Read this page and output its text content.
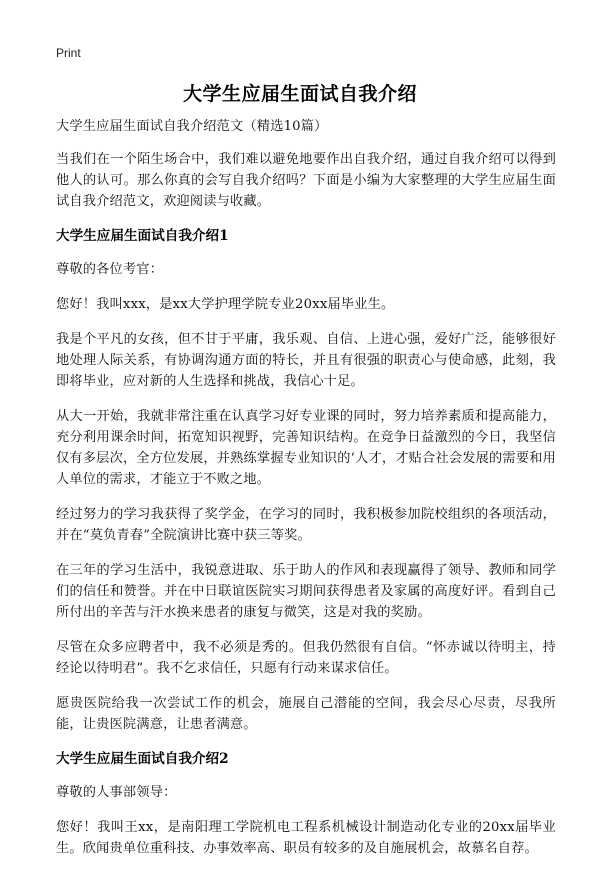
Print
大学生应届生面试自我介绍

大学生应届生面试自我介绍范文（精选10篇）

当我们在一个陌生场合中，我们难以避免地要作出自我介绍，通过自我介绍可以得到他人的认可。那么你真的会写自我介绍吗？下面是小编为大家整理的大学生应届生面试自我介绍范文，欢迎阅读与收藏。

大学生应届生面试自我介绍1

尊敬的各位考官：

您好！我叫xxx，是xx大学护理学院专业20xx届毕业生。

我是个平凡的女孩，但不甘于平庸，我乐观、自信、上进心强，爱好广泛，能够很好地处理人际关系，有协调沟通方面的特长，并且有很强的职责心与使命感，此刻，我即将毕业，应对新的人生选择和挑战，我信心十足。

从大一开始，我就非常注重在认真学习好专业课的同时，努力培养素质和提高能力，充分利用课余时间，拓宽知识视野，完善知识结构。在竞争日益激烈的今日，我坚信仅有多层次，全方位发展，并熟练掌握专业知识的‘人才，才贴合社会发展的需要和用人单位的需求，才能立于不败之地。

经过努力的学习我获得了奖学金，在学习的同时，我积极参加院校组织的各项活动，并在“莫负青春”全院演讲比赛中获三等奖。

在三年的学习生活中，我锐意进取、乐于助人的作风和表现赢得了领导、教师和同学们的信任和赞誉。并在中日联谊医院实习期间获得患者及家属的高度好评。看到自己所付出的辛苦与汗水换来患者的康复与微笑，这是对我的奖励。

尽管在众多应聘者中，我不必须是秀的。但我仍然很有自信。“怀赤诚以待明主，持经论以待明君”。我不乞求信任，只愿有行动来谋求信任。

愿贵医院给我一次尝试工作的机会，施展自己潜能的空间，我会尽心尽责，尽我所能，让贵医院满意，让患者满意。

大学生应届生面试自我介绍2

尊敬的人事部领导：

您好！我叫王xx，是南阳理工学院机电工程系机械设计制造动化专业的20xx届毕业生。欣闻贵单位重科技、办事效率高、职员有较多的及自施展机会，故慕名自荐。
